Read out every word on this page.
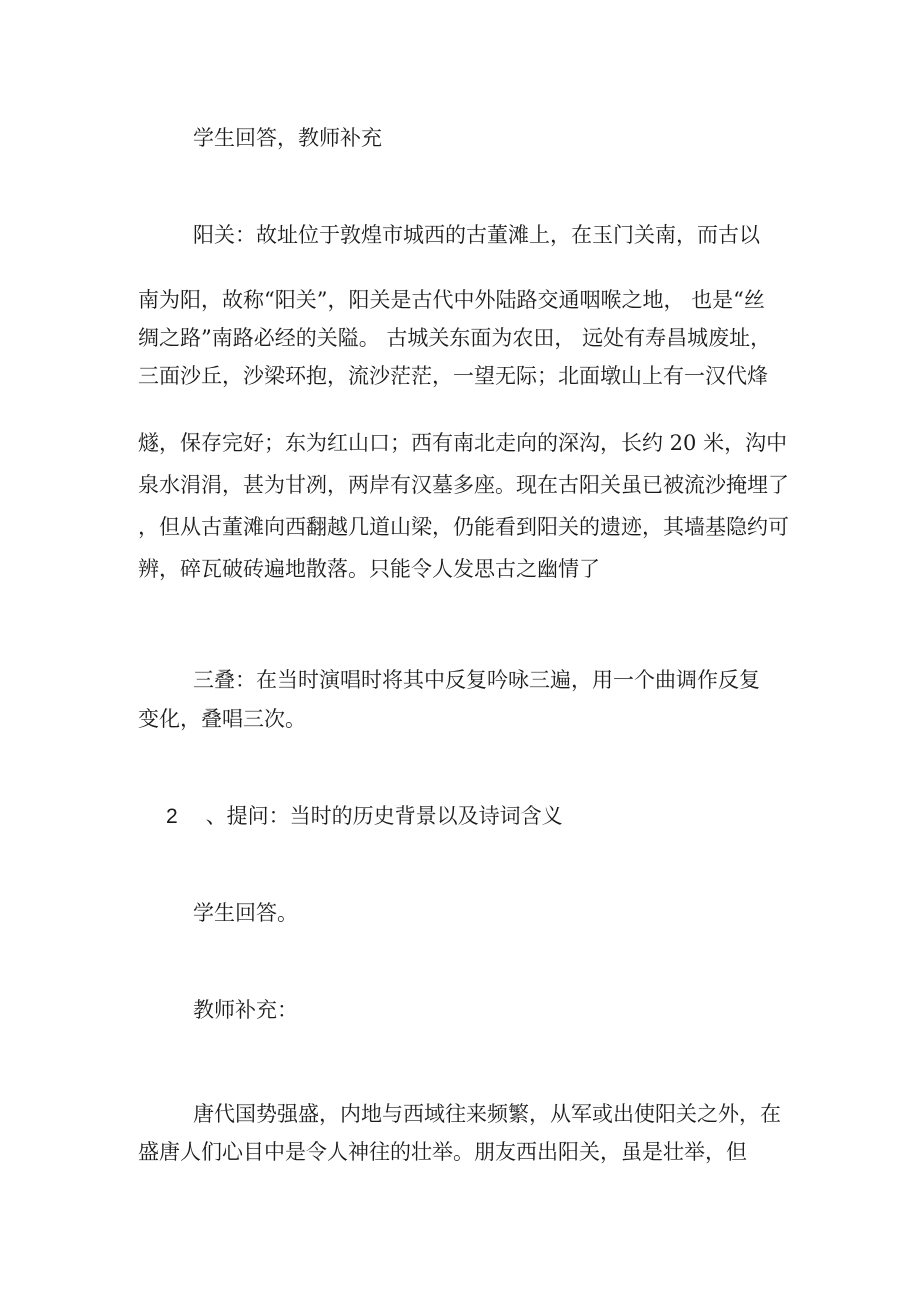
学生回答，教师补充
阳关：故址位于敦煌市城西的古董滩上，在玉门关南，而古以
南为阳，故称“阳关”，阳关是古代中外陆路交通咽喉之地， 也是“丝
绸之路”南路必经的关隘。 古城关东面为农田， 远处有寿昌城废址，
三面沙丘，沙梁环抱，流沙茫茫，一望无际；北面墩山上有一汉代烽
燧，保存完好；东为红山口；西有南北走向的深沟，长约 20 米，沟中
泉水涓涓，甚为甘冽，两岸有汉墓多座。现在古阳关虽已被流沙掩埋了
，但从古董滩向西翻越几道山梁，仍能看到阳关的遗迹，其墙基隐约可
辨，碎瓦破砖遍地散落。只能令人发思古之幽情了
三叠：在当时演唱时将其中反复吟咏三遍，用一个曲调作反复
变化，叠唱三次。
2 、提问：当时的历史背景以及诗词含义
学生回答。
教师补充：
唐代国势强盛，内地与西域往来频繁，从军或出使阳关之外，在
盛唐人们心目中是令人神往的壮举。朋友西出阳关，虽是壮举，但
